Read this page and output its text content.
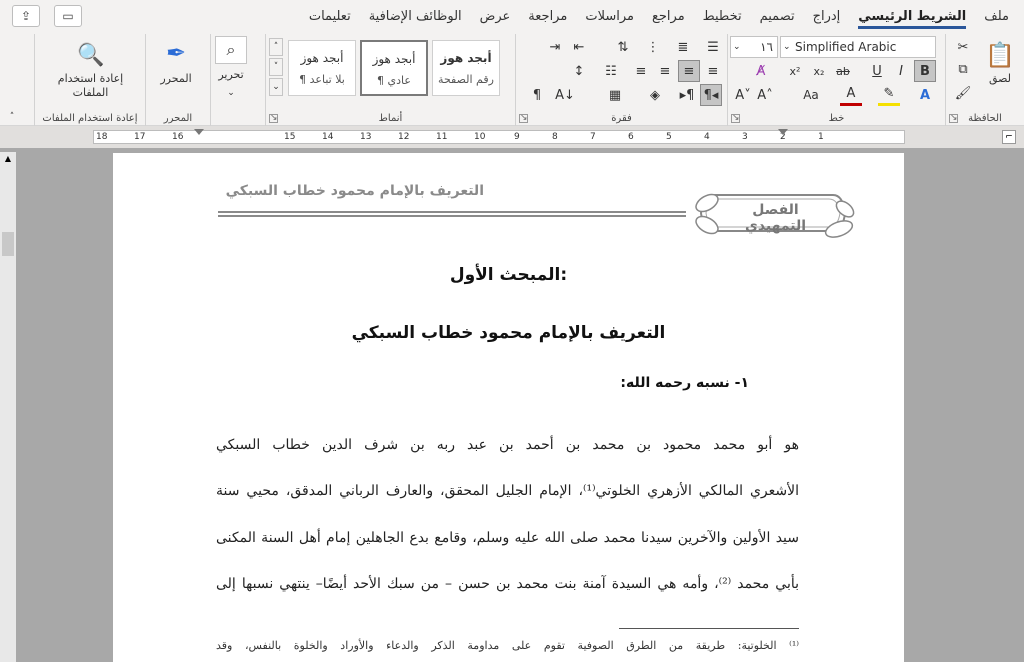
ملف
الشريط الرئيسي
إدراج
تصميم
تخطيط
مراجع
مراسلات
مراجعة
عرض
الوظائف الإضافية
تعليمات
⇪	▭
📋
لصق
✂
⧉
🖌
الحافظة
↘
⌄ Simplified Arabic
⌄ ١٦
B
I
U
ab
x₂
x²
A̸
A
✎
A
Aa
A˄
A˅
خط
↘
☰
≣
⋮
⇅
⇤
⇥
≡
≡
≡
≡
☷
↕
¶◂
▸¶
◈
▦
A↓
¶
فقرة
↘
أبجد هوز
رقم الصفحة
أبجد هوز
¶ عادي
أبجد هوز
¶ بلا تباعد
˄
˅
⌄
أنماط
↘
⌕
تحرير
⌄
✒
المحرر
المحرر
🔍
إعادة استخدام
الملفات
إعادة استخدام الملفات
˄
1
2
3
4
5
6
7
8
9
10
11
12
13
14
15
16
17
18	⌐
▲
التعريف بالإمام محمود خطاب السبكي
الفصل التمهيدي
المبحث الأول:
التعريف بالإمام محمود خطاب السبكي
١- نسبه رحمه الله:
هو أبو محمد محمود بن محمد بن أحمد بن عبد ربه بن شرف الدين خطاب السبكي
الأشعري المالكي الأزهري الخلوتي⁽¹⁾، الإمام الجليل المحقق، والعارف الرباني المدقق، محيي سنة
سيد الأولين والآخرين سيدنا محمد صلى الله عليه وسلم، وقامع بدع الجاهلين إمام أهل السنة المكنى
بأبي محمد ⁽²⁾، وأمه هي السيدة آمنة بنت محمد بن حسن – من سبك الأحد أيضًا– ينتهي نسبها إلى
⁽¹⁾ الخلوتية: طريقة من الطرق الصوفية تقوم على مداومة الذكر والدعاء والأوراد والخلوة بالنفس، وقد
